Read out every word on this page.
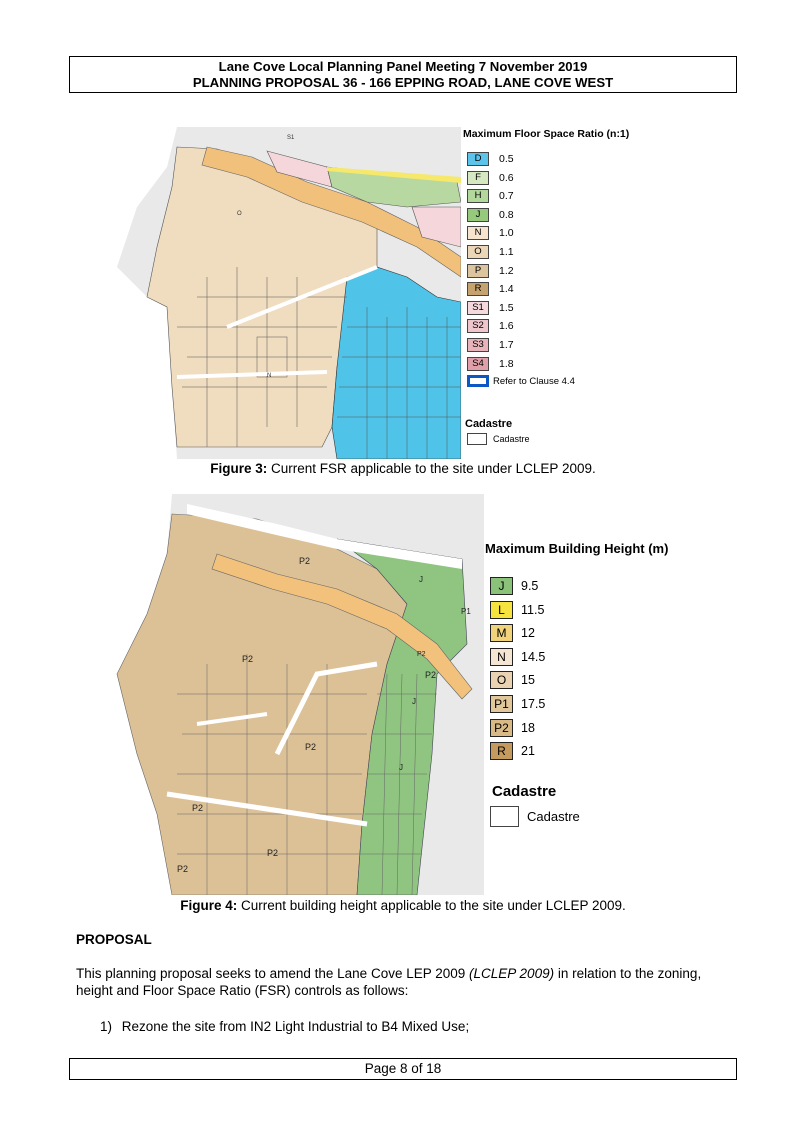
Lane Cove Local Planning Panel Meeting 7 November 2019
PLANNING PROPOSAL 36 - 166 EPPING ROAD, LANE COVE WEST
S1
O
N
Maximum Floor Space Ratio (n:1)
D	0.5
F	0.6
H	0.7
J	0.8
N	1.0
O	1.1
P	1.2
R	1.4
S1	1.5
S2	1.6
S3	1.7
S4	1.8
Refer to Clause 4.4
Cadastre
Cadastre
Figure 3: Current FSR applicable to the site under LCLEP 2009.
P2
P2
P2
P2
P2
P2
P2
P2
J
J
J
P1
Maximum Building Height (m)
J	9.5
L	11.5
M	12
N	14.5
O	15
P1 17.5
P2 18
R	21
Cadastre
Cadastre
Figure 4: Current building height applicable to the site under LCLEP 2009.
PROPOSAL
This planning proposal seeks to amend the Lane Cove LEP 2009 (LCLEP 2009) in relation to the zoning, height and Floor Space Ratio (FSR) controls as follows:
1) Rezone the site from IN2 Light Industrial to B4 Mixed Use;
Page 8 of 18
